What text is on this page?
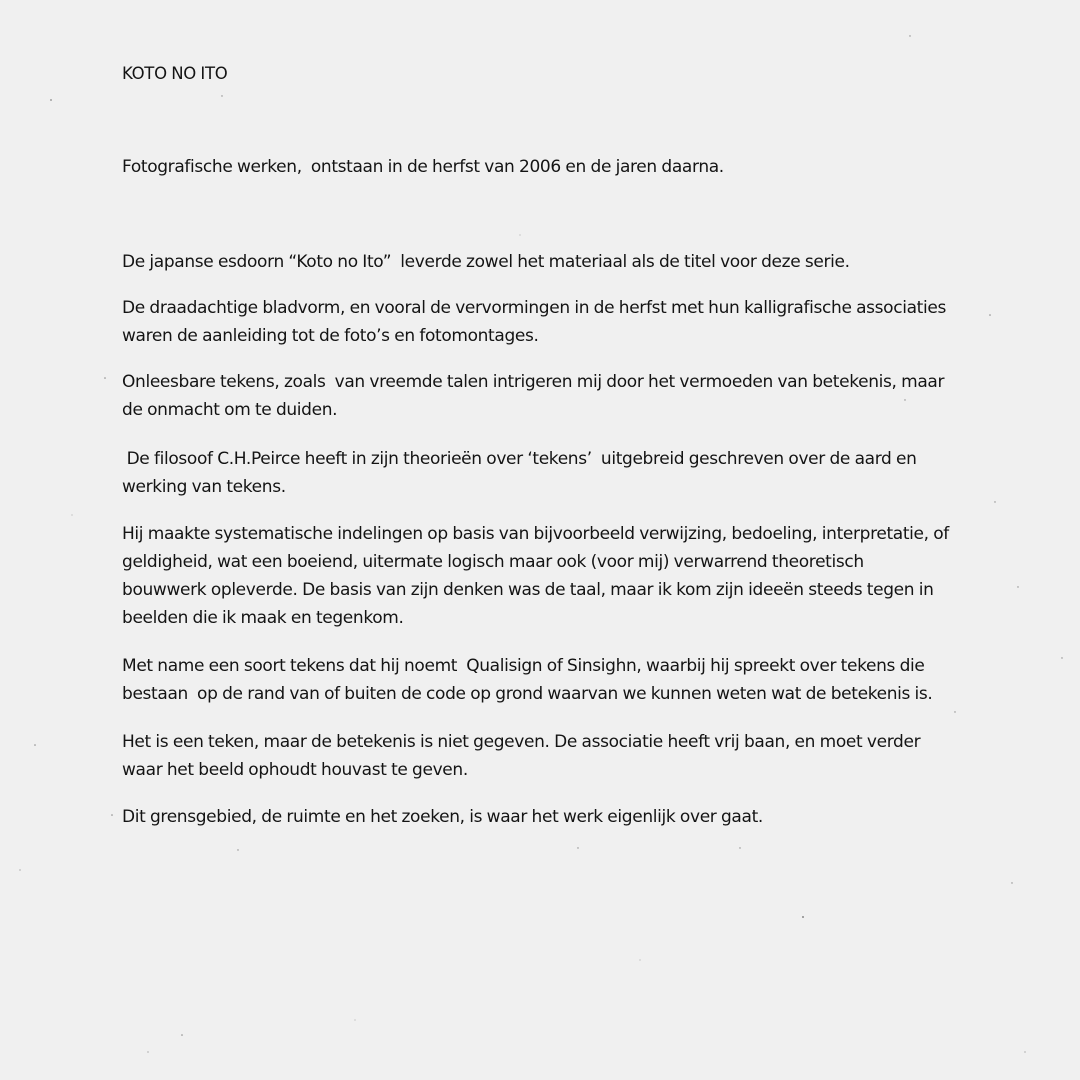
KOTO NO ITO

Fotografische werken,  ontstaan in de herfst van 2006 en de jaren daarna.

De japanse esdoorn “Koto no Ito”  leverde zowel het materiaal als de titel voor deze serie.

De draadachtige bladvorm, en vooral de vervormingen in de herfst met hun kalligrafische associaties
waren de aanleiding tot de foto’s en fotomontages.

Onleesbare tekens, zoals  van vreemde talen intrigeren mij door het vermoeden van betekenis, maar
de onmacht om te duiden.

De filosoof C.H.Peirce heeft in zijn theorieën over ‘tekens’  uitgebreid geschreven over de aard en
werking van tekens.

Hij maakte systematische indelingen op basis van bijvoorbeeld verwijzing, bedoeling, interpretatie, of
geldigheid, wat een boeiend, uitermate logisch maar ook (voor mij) verwarrend theoretisch
bouwwerk opleverde. De basis van zijn denken was de taal, maar ik kom zijn ideeën steeds tegen in
beelden die ik maak en tegenkom.

Met name een soort tekens dat hij noemt  Qualisign of Sinsighn, waarbij hij spreekt over tekens die
bestaan  op de rand van of buiten de code op grond waarvan we kunnen weten wat de betekenis is.

Het is een teken, maar de betekenis is niet gegeven. De associatie heeft vrij baan, en moet verder
waar het beeld ophoudt houvast te geven.

Dit grensgebied, de ruimte en het zoeken, is waar het werk eigenlijk over gaat.
